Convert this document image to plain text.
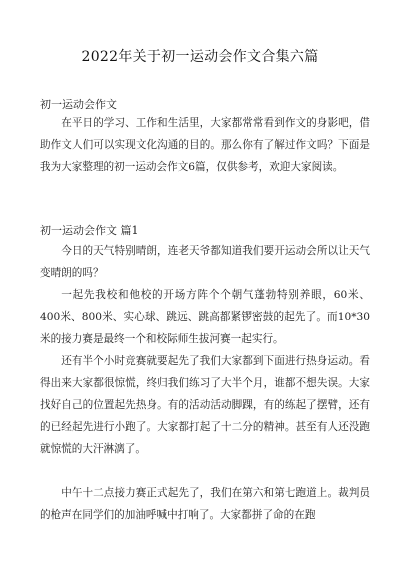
2022年关于初一运动会作文合集六篇
初一运动会作文

在平日的学习、工作和生活里，大家都常常看到作文的身影吧，借助作文人们可以实现文化沟通的目的。那么你有了解过作文吗？下面是我为大家整理的初一运动会作文6篇，仅供参考，欢迎大家阅读。

初一运动会作文 篇1

今日的天气特别晴朗，连老天爷都知道我们要开运动会所以让天气变晴朗的吗？

一起先我校和他校的开场方阵个个朝气蓬勃特别养眼，60米、400米、800米、实心球、跳远、跳高都紧锣密鼓的起先了。而10*30米的接力赛是最终一个和校际师生拔河赛一起实行。

还有半个小时竞赛就要起先了我们大家都到下面进行热身运动。看得出来大家都很惊慌，终归我们练习了大半个月，谁都不想失误。大家找好自己的位置起先热身。有的活动活动脚踝，有的练起了摆臂，还有的已经起先进行小跑了。大家都打起了十二分的精神。甚至有人还没跑就惊慌的大汗淋漓了。

中午十二点接力赛正式起先了，我们在第六和第七跑道上。裁判员的枪声在同学们的加油呼喊中打响了。大家都拼了命的在跑
